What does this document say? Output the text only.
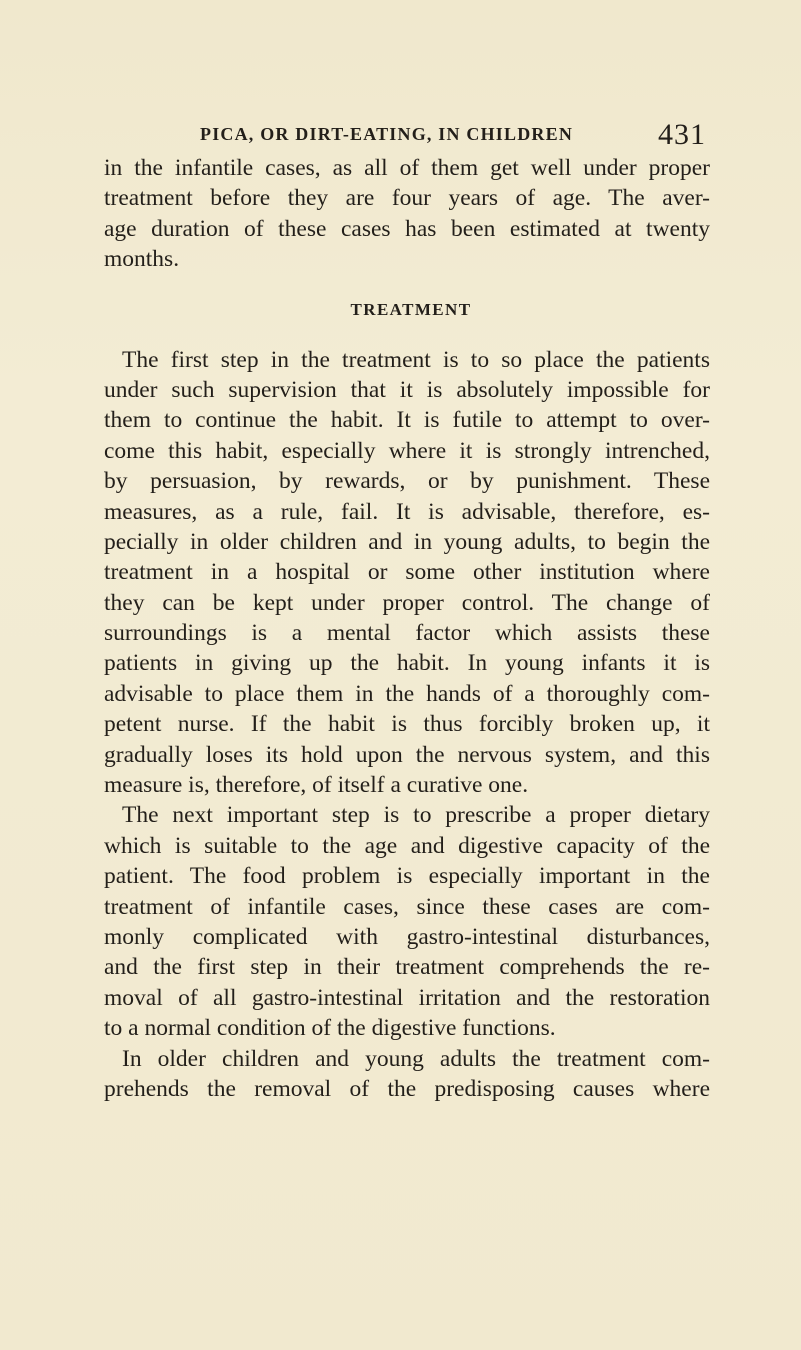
PICA, OR DIRT-EATING, IN CHILDREN	431
in the infantile cases, as all of them get well under proper
treatment before they are four years of age. The aver-
age duration of these cases has been estimated at twenty
months.
TREATMENT
The first step in the treatment is to so place the patients
under such supervision that it is absolutely impossible for
them to continue the habit. It is futile to attempt to over-
come this habit, especially where it is strongly intrenched,
by persuasion, by rewards, or by punishment. These
measures, as a rule, fail. It is advisable, therefore, es-
pecially in older children and in young adults, to begin the
treatment in a hospital or some other institution where
they can be kept under proper control. The change of
surroundings is a mental factor which assists these
patients in giving up the habit. In young infants it is
advisable to place them in the hands of a thoroughly com-
petent nurse. If the habit is thus forcibly broken up, it
gradually loses its hold upon the nervous system, and this
measure is, therefore, of itself a curative one.
The next important step is to prescribe a proper dietary
which is suitable to the age and digestive capacity of the
patient. The food problem is especially important in the
treatment of infantile cases, since these cases are com-
monly complicated with gastro-intestinal disturbances,
and the first step in their treatment comprehends the re-
moval of all gastro-intestinal irritation and the restoration
to a normal condition of the digestive functions.
In older children and young adults the treatment com-
prehends the removal of the predisposing causes where
